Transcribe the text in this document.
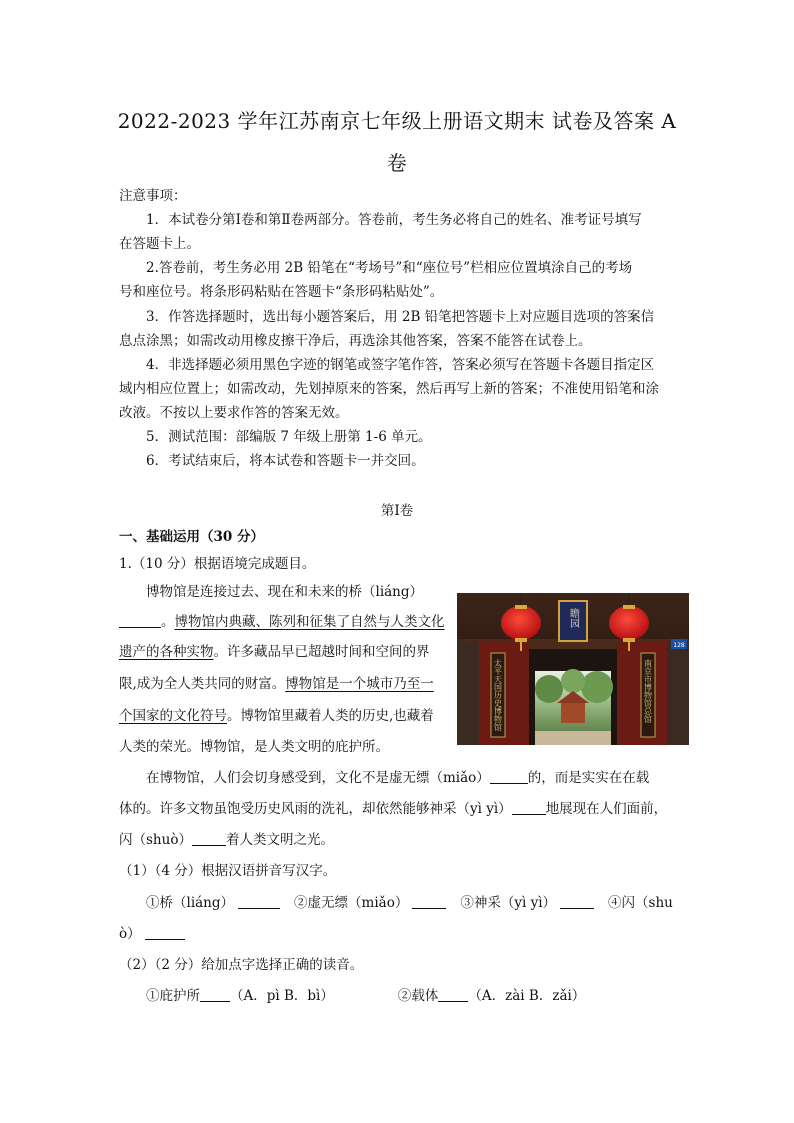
2022-2023 学年江苏南京七年级上册语文期末 试卷及答案 A
卷
注意事项：
1．本试卷分第Ⅰ卷和第Ⅱ卷两部分。答卷前，考生务必将自己的姓名、准考证号填写
在答题卡上。
2.答卷前，考生务必用 2B 铅笔在“考场号”和“座位号”栏相应位置填涂自己的考场
号和座位号。将条形码粘贴在答题卡“条形码粘贴处”。
3．作答选择题时，选出每小题答案后，用 2B 铅笔把答题卡上对应题目选项的答案信
息点涂黑；如需改动用橡皮擦干净后，再选涂其他答案，答案不能答在试卷上。
4．非选择题必须用黑色字迹的钢笔或签字笔作答，答案必须写在答题卡各题目指定区
域内相应位置上；如需改动，先划掉原来的答案，然后再写上新的答案；不准使用铅笔和涂
改液。不按以上要求作答的答案无效。
5．测试范围：部编版 7 年级上册第 1-6 单元。
6．考试结束后，将本试卷和答题卡一并交回。
第Ⅰ卷
一、基础运用（30 分）
1.（10 分）根据语境完成题目。
博物馆是连接过去、现在和未来的桥（liáng）
。博物馆内典藏、陈列和征集了自然与人类文化
遗产的各种实物。许多藏品早已超越时间和空间的界
限,成为全人类共同的财富。博物馆是一个城市乃至一
个国家的文化符号。博物馆里藏着人类的历史,也藏着
人类的荣光。博物馆，是人类文明的庇护所。
在博物馆，人们会切身感受到，文化不是虚无缥（miǎo）	的，而是实实在在载
体的。许多文物虽饱受历史风雨的洗礼，却依然能够神采（yì yì）	地展现在人们面前，
闪（shuò）	着人类文明之光。
（1）（4 分）根据汉语拼音写汉字。
①桥（liáng）	②虚无缥（miǎo）	③神采（yì yì）	④闪（shu
ò）
（2）（2 分）给加点字选择正确的读音。
①庇护所 （A．pì B．bì）	②载体 （A．zài B．zǎi）
瞻园
太平天国历史博物馆	南京市博物馆总馆
128
